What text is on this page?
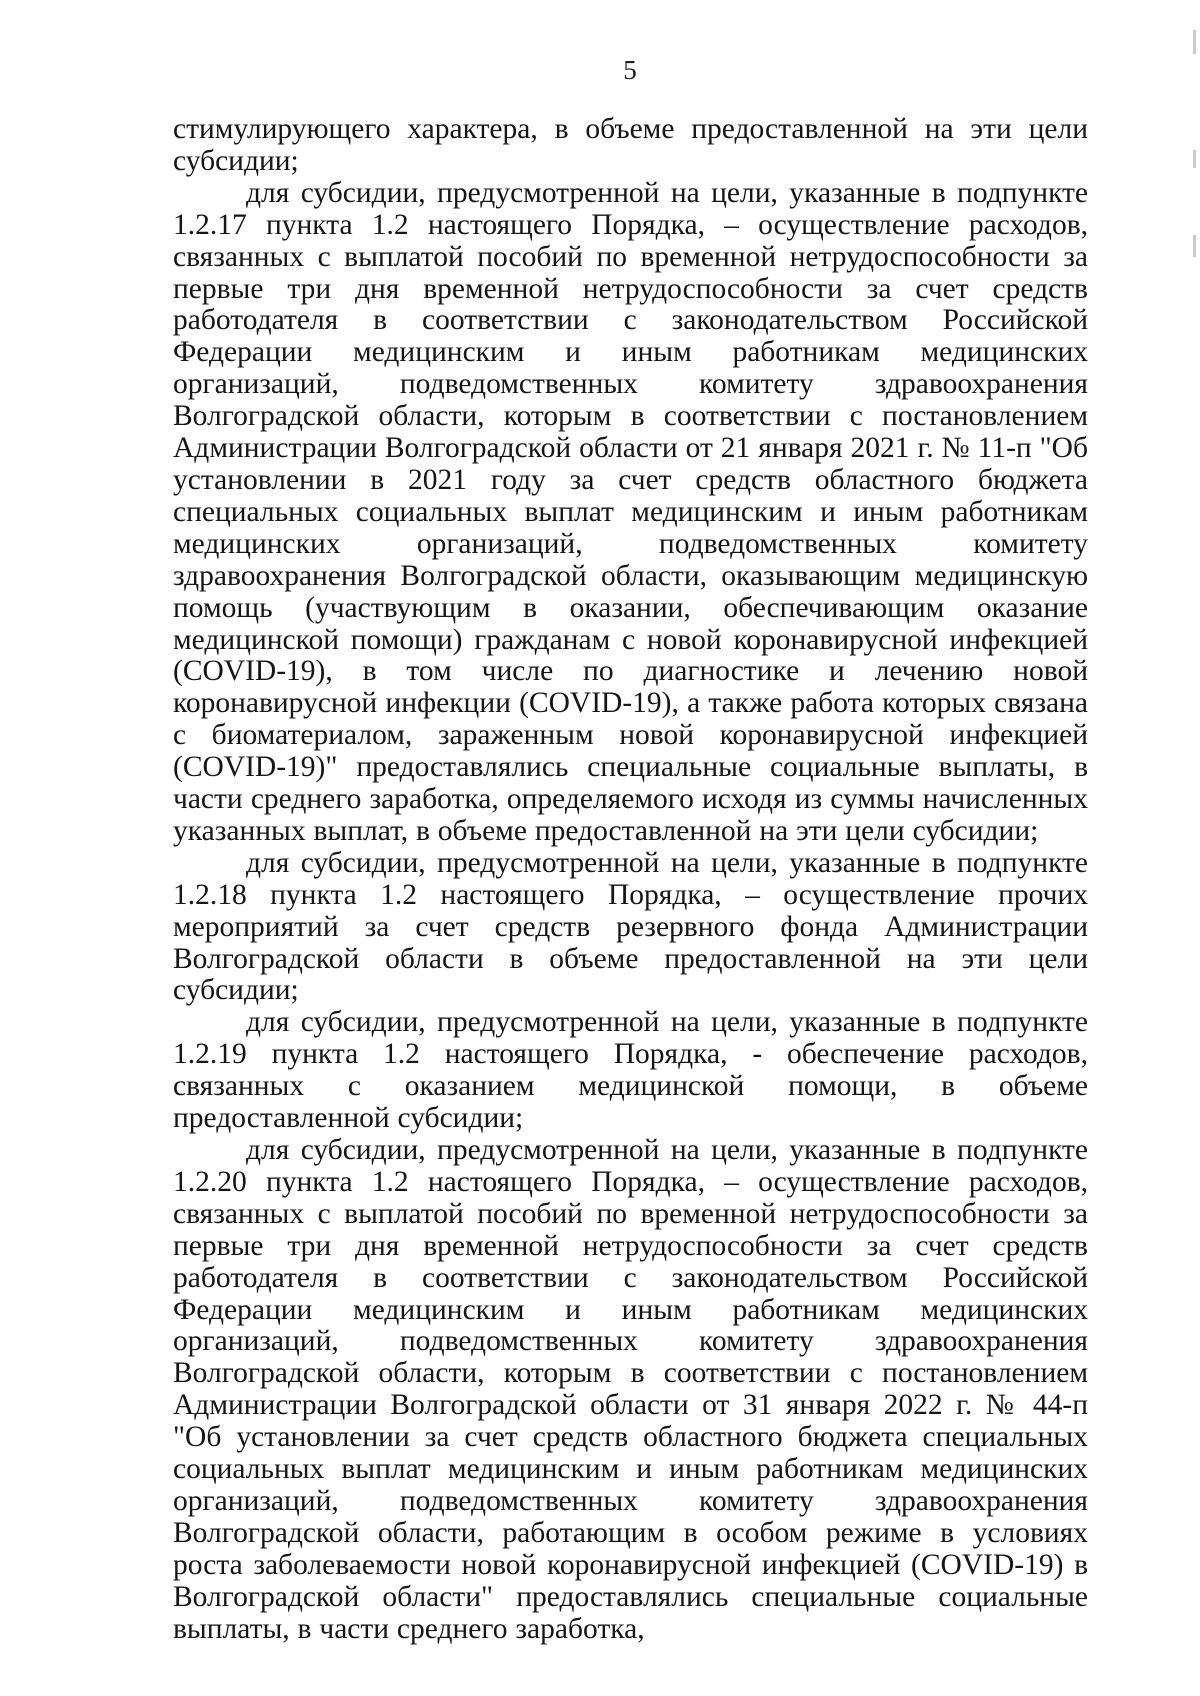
5

стимулирующего характера, в объеме предоставленной на эти цели субсидии;

для субсидии, предусмотренной на цели, указанные в подпункте 1.2.17 пункта 1.2 настоящего Порядка, – осуществление расходов, связанных с выплатой пособий по временной нетрудоспособности за первые три дня временной нетрудоспособности за счет средств работодателя в соответствии с законодательством Российской Федерации медицинским и иным работникам медицинских организаций, подведомственных комитету здравоохранения Волгоградской области, которым в соответствии с постановлением Администрации Волгоградской области от 21 января 2021 г. № 11-п "Об установлении в 2021 году за счет средств областного бюджета специальных социальных выплат медицинским и иным работникам медицинских организаций, подведомственных комитету здравоохранения Волгоградской области, оказывающим медицинскую помощь (участвующим в оказании, обеспечивающим оказание медицинской помощи) гражданам с новой коронавирусной инфекцией (COVID-19), в том числе по диагностике и лечению новой коронавирусной инфекции (COVID-19), а также работа которых связана с биоматериалом, зараженным новой коронавирусной инфекцией (COVID-19)" предоставлялись специальные социальные выплаты, в части среднего заработка, определяемого исходя из суммы начисленных указанных выплат, в объеме предоставленной на эти цели субсидии;

для субсидии, предусмотренной на цели, указанные в подпункте 1.2.18 пункта 1.2 настоящего Порядка, – осуществление прочих мероприятий за счет средств резервного фонда Администрации Волгоградской области в объеме предоставленной на эти цели субсидии;

для субсидии, предусмотренной на цели, указанные в подпункте 1.2.19 пункта 1.2 настоящего Порядка, - обеспечение расходов, связанных с оказанием медицинской помощи, в объеме предоставленной субсидии;

для субсидии, предусмотренной на цели, указанные в подпункте 1.2.20 пункта 1.2 настоящего Порядка, – осуществление расходов, связанных с выплатой пособий по временной нетрудоспособности за первые три дня временной нетрудоспособности за счет средств работодателя в соответствии с законодательством Российской Федерации медицинским и иным работникам медицинских организаций, подведомственных комитету здравоохранения Волгоградской области, которым в соответствии с постановлением Администрации Волгоградской области от 31 января 2022 г. № 44-п "Об установлении за счет средств областного бюджета специальных социальных выплат медицинским и иным работникам медицинских организаций, подведомственных комитету здравоохранения Волгоградской области, работающим в особом режиме в условиях роста заболеваемости новой коронавирусной инфекцией (COVID-19) в Волгоградской области" предоставлялись специальные социальные выплаты, в части среднего заработка,
